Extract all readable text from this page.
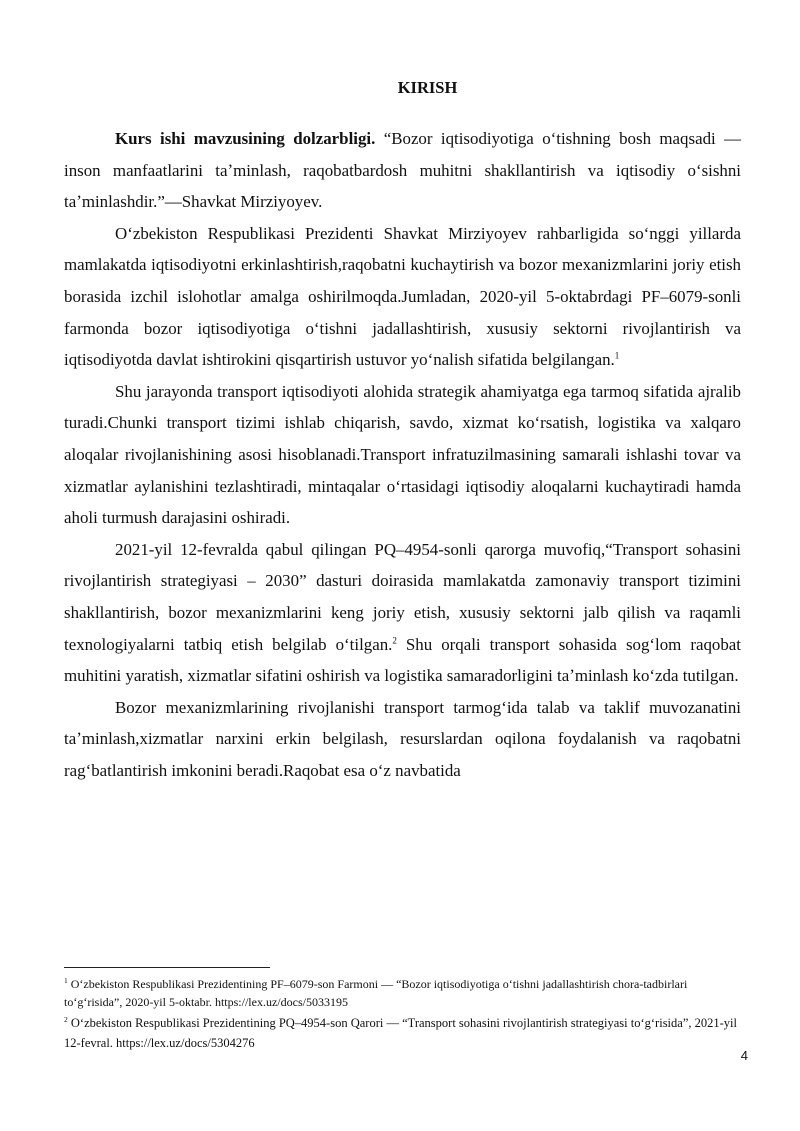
KIRISH

Kurs ishi mavzusining dolzarbligi. “Bozor iqtisodiyotiga oʻtishning bosh maqsadi — inson manfaatlarini taʼminlash, raqobatbardosh muhitni shakllantirish va iqtisodiy oʻsishni taʼminlashdir.”—Shavkat Mirziyoyev.

Oʻzbekiston Respublikasi Prezidenti Shavkat Mirziyoyev rahbarligida soʻnggi yillarda mamlakatda iqtisodiyotni erkinlashtirish,raqobatni kuchaytirish va bozor mexanizmlarini joriy etish borasida izchil islohotlar amalga oshirilmoqda.Jumladan, 2020-yil 5-oktabrdagi PF–6079-sonli farmonda bozor iqtisodiyotiga oʻtishni jadallashtirish, xususiy sektorni rivojlantirish va iqtisodiyotda davlat ishtirokini qisqartirish ustuvor yoʻnalish sifatida belgilangan.$^1$

Shu jarayonda transport iqtisodiyoti alohida strategik ahamiyatga ega tarmoq sifatida ajralib turadi.Chunki transport tizimi ishlab chiqarish, savdo, xizmat koʻrsatish, logistika va xalqaro aloqalar rivojlanishining asosi hisoblanadi.Transport infratuzilmasining samarali ishlashi tovar va xizmatlar aylanishini tezlashtiradi, mintaqalar oʻrtasidagi iqtisodiy aloqalarni kuchaytiradi hamda aholi turmush darajasini oshiradi.

2021-yil 12-fevralda qabul qilingan PQ–4954-sonli qarorga muvofiq,“Transport sohasini rivojlantirish strategiyasi – 2030” dasturi doirasida mamlakatda zamonaviy transport tizimini shakllantirish, bozor mexanizmlarini keng joriy etish, xususiy sektorni jalb qilish va raqamli texnologiyalarni tatbiq etish belgilab oʻtilgan.$^2$ Shu orqali transport sohasida sogʻlom raqobat muhitini yaratish, xizmatlar sifatini oshirish va logistika samaradorligini taʼminlash koʻzda tutilgan.

Bozor mexanizmlarining rivojlanishi transport tarmogʻida talab va taklif muvozanatini taʼminlash,xizmatlar narxini erkin belgilash, resurslardan oqilona foydalanish va raqobatni ragʻbatlantirish imkonini beradi.Raqobat esa oʻz navbatida

$^1$ Oʻzbekiston Respublikasi Prezidentining PF–6079-son Farmoni — “Bozor iqtisodiyotiga oʻtishni jadallashtirish chora-tadbirlari toʻgʻrisida”, 2020-yil 5-oktabr. https://lex.uz/docs/5033195

$^2$ Oʻzbekiston Respublikasi Prezidentining PQ–4954-son Qarori — “Transport sohasini rivojlantirish strategiyasi toʻgʻrisida”, 2021-yil 12-fevral. https://lex.uz/docs/5304276

4
